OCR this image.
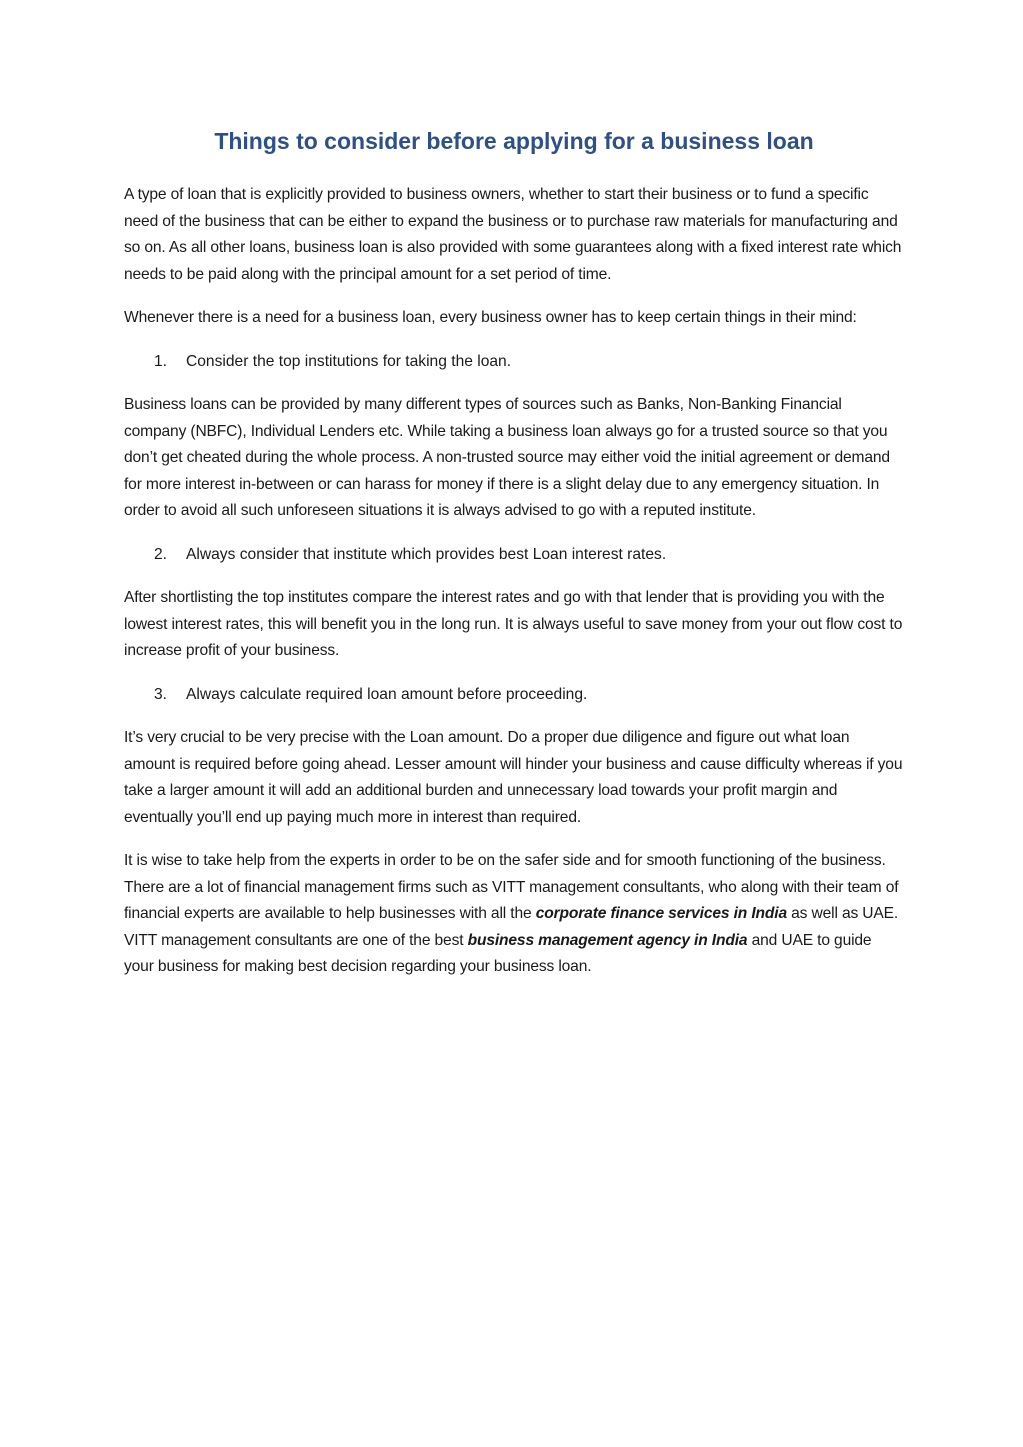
Things to consider before applying for a business loan

A type of loan that is explicitly provided to business owners, whether to start their business or to fund a specific need of the business that can be either to expand the business or to purchase raw materials for manufacturing and so on. As all other loans, business loan is also provided with some guarantees along with a fixed interest rate which needs to be paid along with the principal amount for a set period of time.

Whenever there is a need for a business loan, every business owner has to keep certain things in their mind:

1.	Consider the top institutions for taking the loan.

Business loans can be provided by many different types of sources such as Banks, Non-Banking Financial company (NBFC), Individual Lenders etc. While taking a business loan always go for a trusted source so that you don’t get cheated during the whole process. A non-trusted source may either void the initial agreement or demand for more interest in-between or can harass for money if there is a slight delay due to any emergency situation. In order to avoid all such unforeseen situations it is always advised to go with a reputed institute.

2.	Always consider that institute which provides best Loan interest rates.

After shortlisting the top institutes compare the interest rates and go with that lender that is providing you with the lowest interest rates, this will benefit you in the long run. It is always useful to save money from your out flow cost to increase profit of your business.

3.	Always calculate required loan amount before proceeding.

It’s very crucial to be very precise with the Loan amount. Do a proper due diligence and figure out what loan amount is required before going ahead. Lesser amount will hinder your business and cause difficulty whereas if you take a larger amount it will add an additional burden and unnecessary load towards your profit margin and eventually you’ll end up paying much more in interest than required.

It is wise to take help from the experts in order to be on the safer side and for smooth functioning of the business. There are a lot of financial management firms such as VITT management consultants, who along with their team of financial experts are available to help businesses with all the corporate finance services in India as well as UAE. VITT management consultants are one of the best business management agency in India and UAE to guide your business for making best decision regarding your business loan.
